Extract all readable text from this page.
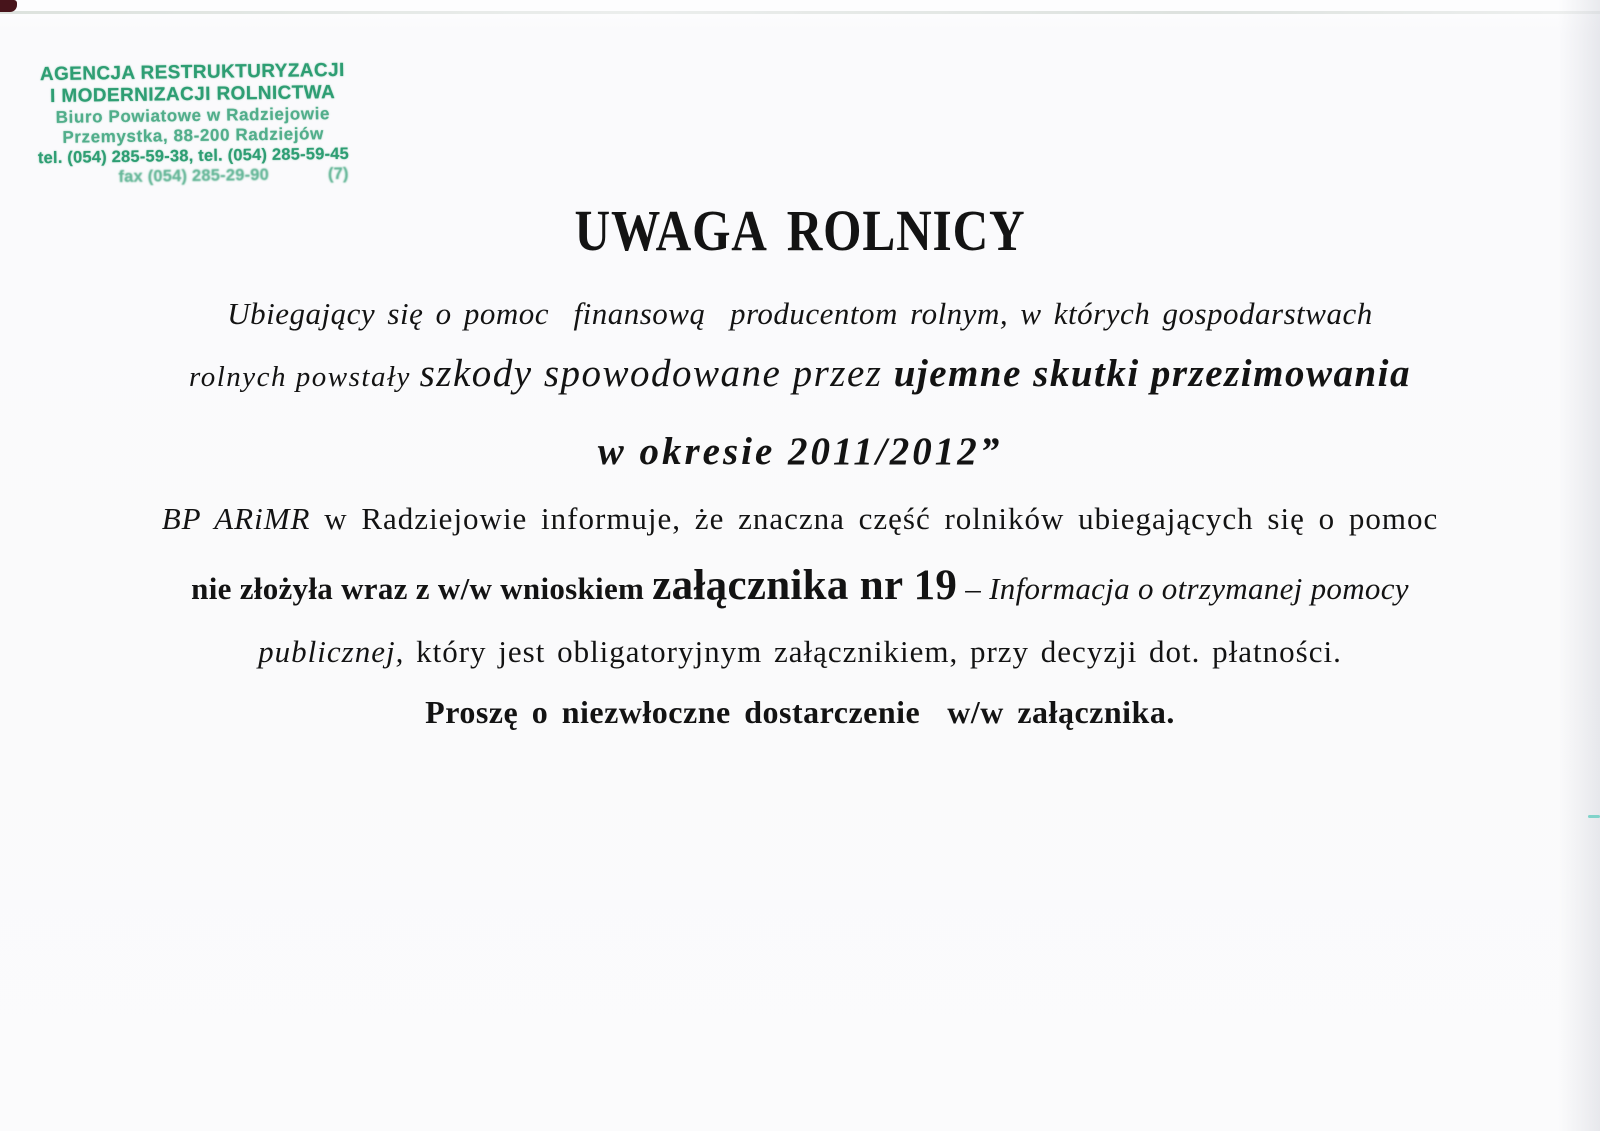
AGENCJA RESTRUKTURYZACJI
I MODERNIZACJI ROLNICTWA
Biuro Powiatowe w Radziejowie
Przemystka, 88-200 Radziejów
tel. (054) 285-59-38, tel. (054) 285-59-45
fax (054) 285-29-90	(7)
UWAGA ROLNICY
Ubiegający się o pomoc  finansową  producentom rolnym, w których gospodarstwach
rolnych powstały szkody spowodowane przez ujemne skutki przezimowania
w okresie 2011/2012”
BP ARiMR w Radziejowie informuje, że znaczna część rolników ubiegających się o pomoc
nie złożyła wraz z w/w wnioskiem załącznika nr 19 – Informacja o otrzymanej pomocy
publicznej, który jest obligatoryjnym załącznikiem, przy decyzji dot. płatności.
Proszę o niezwłoczne dostarczenie  w/w załącznika.
